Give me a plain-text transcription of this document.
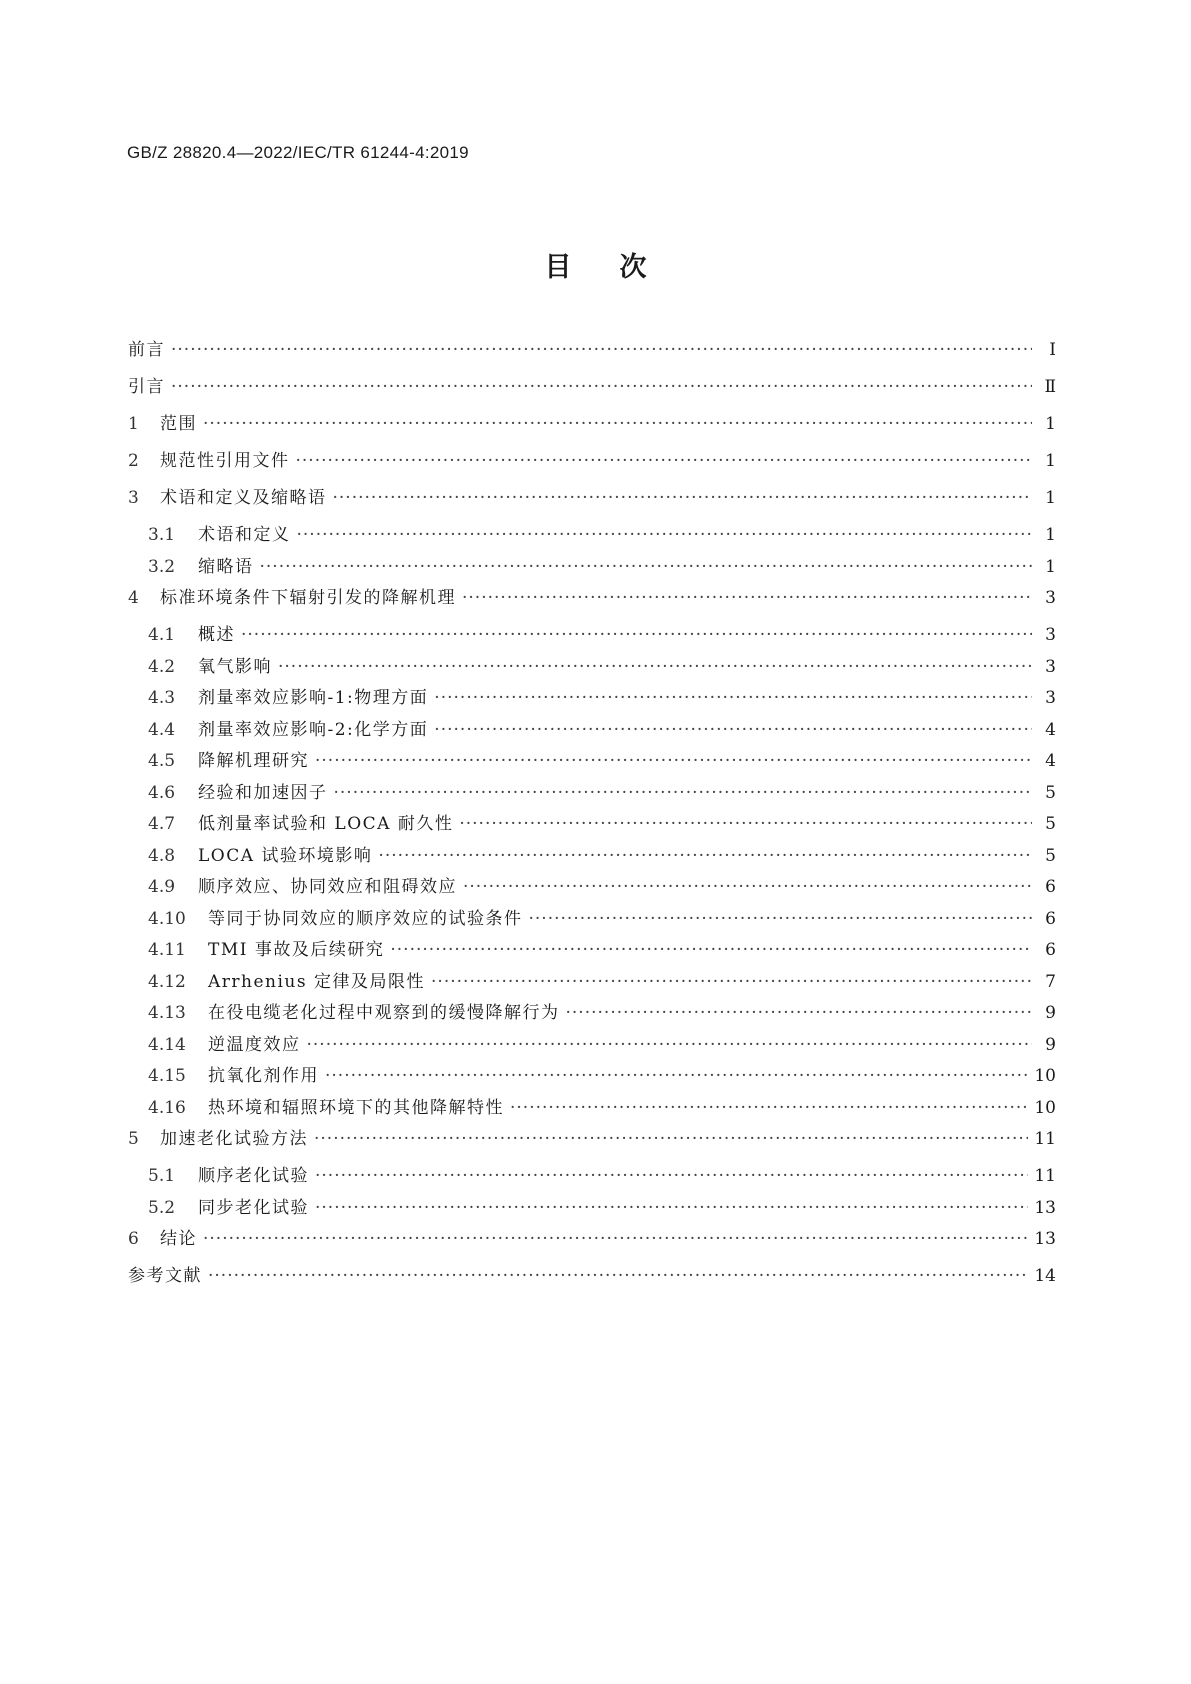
GB/Z 28820.4—2022/IEC/TR 61244-4:2019
目 次
前言 ·····	Ⅰ
引言 ·····	Ⅱ
1	范围 ·····	1
2	规范性引用文件 ·····	1
3	术语和定义及缩略语 ·····	1
3.1	术语和定义 ·····	1
3.2	缩略语 ·····	1
4	标准环境条件下辐射引发的降解机理 ·····	3
4.1	概述 ·····	3
4.2	氧气影响 ·····	3
4.3	剂量率效应影响-1:物理方面 ·····	3
4.4	剂量率效应影响-2:化学方面 ·····	4
4.5	降解机理研究 ·····	4
4.6	经验和加速因子 ·····	5
4.7	低剂量率试验和 LOCA 耐久性 ·····	5
4.8	LOCA 试验环境影响 ·····	5
4.9	顺序效应、协同效应和阻碍效应 ·····	6
4.10	等同于协同效应的顺序效应的试验条件 ·····	6
4.11	TMI 事故及后续研究 ·····	6
4.12	Arrhenius 定律及局限性 ·····	7
4.13	在役电缆老化过程中观察到的缓慢降解行为 ·····	9
4.14	逆温度效应 ·····	9
4.15	抗氧化剂作用 ·····	10
4.16	热环境和辐照环境下的其他降解特性 ·····	10
5	加速老化试验方法 ·····	11
5.1	顺序老化试验 ·····	11
5.2	同步老化试验 ·····	13
6	结论 ·····	13
参考文献 ·····	14
